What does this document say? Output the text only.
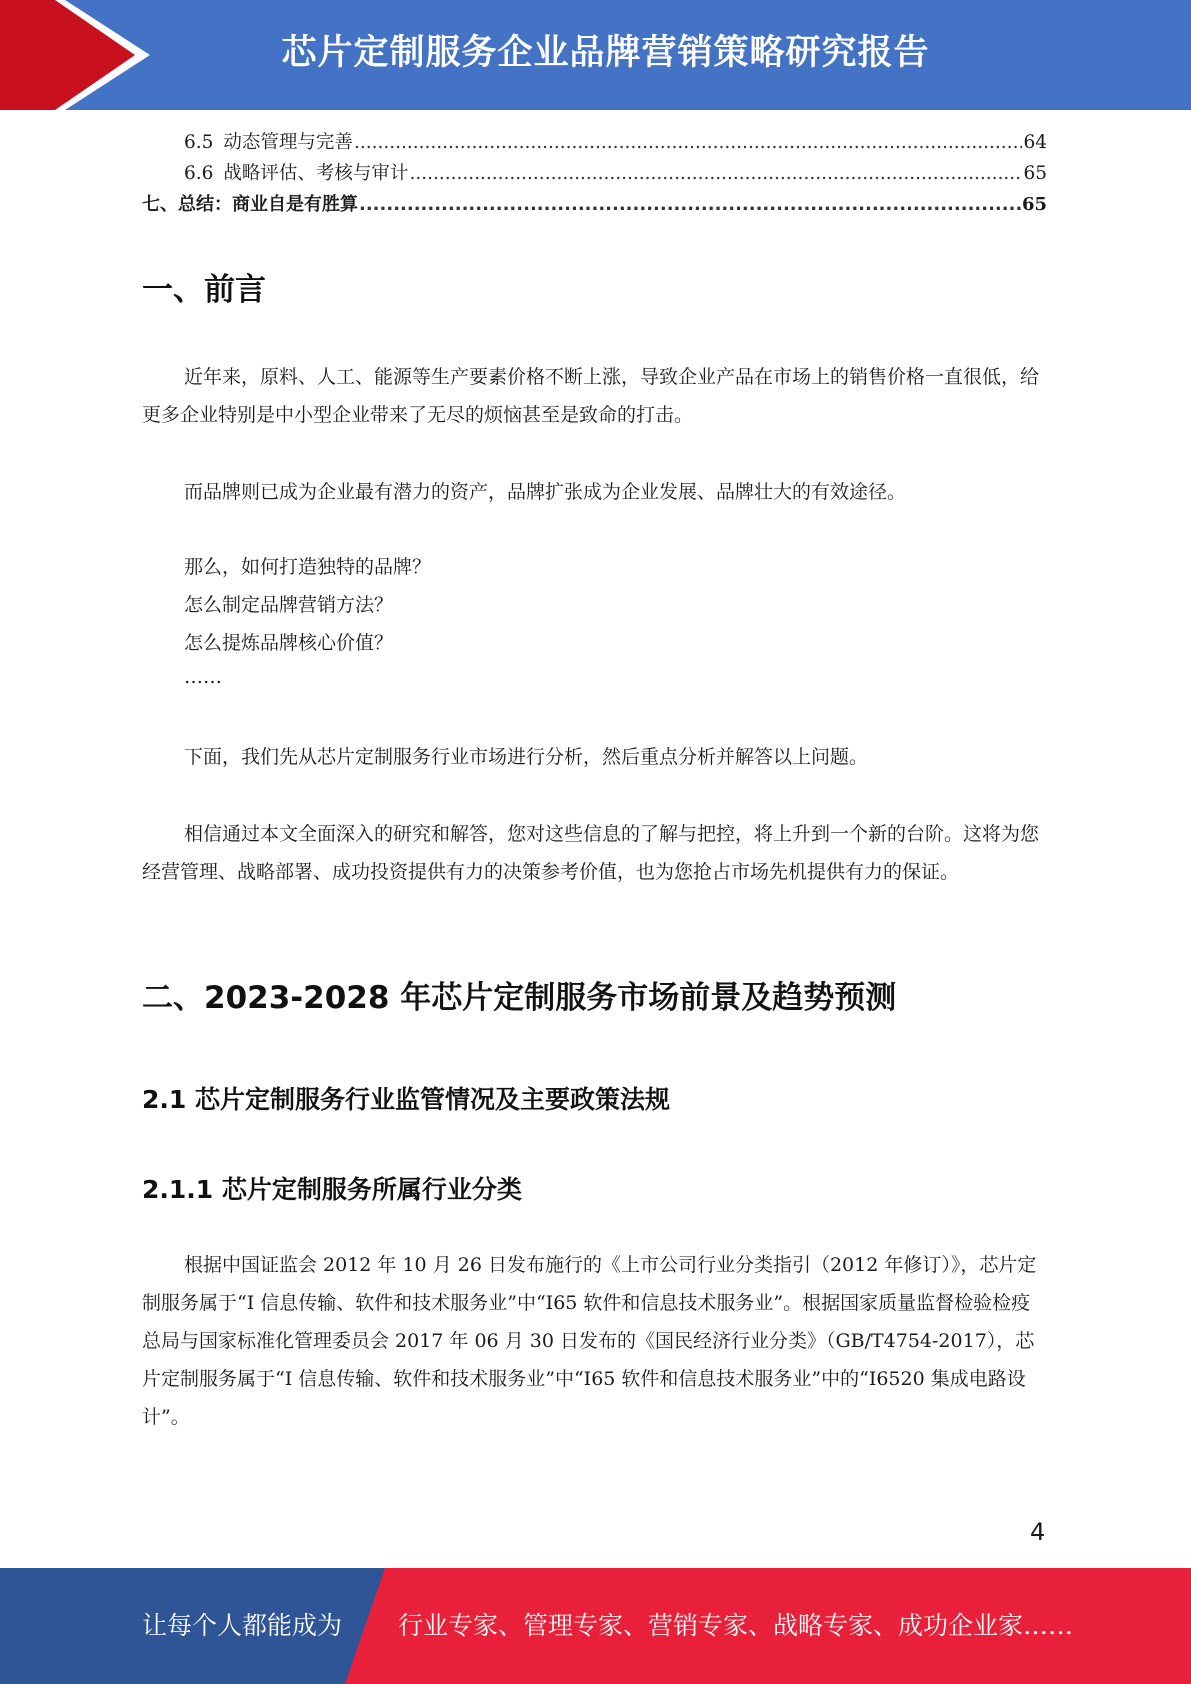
芯片定制服务企业品牌营销策略研究报告
6.5 动态管理与完善 .....	64
6.6 战略评估、考核与审计 .....	65
七、总结：商业自是有胜算 .....	65
一、前言

近年来，原料、人工、能源等生产要素价格不断上涨，导致企业产品在市场上的销售价格一直很低，给更多企业特别是中小型企业带来了无尽的烦恼甚至是致命的打击。

而品牌则已成为企业最有潜力的资产，品牌扩张成为企业发展、品牌壮大的有效途径。

那么，如何打造独特的品牌？
怎么制定品牌营销方法？
怎么提炼品牌核心价值？
……

下面，我们先从芯片定制服务行业市场进行分析，然后重点分析并解答以上问题。

相信通过本文全面深入的研究和解答，您对这些信息的了解与把控，将上升到一个新的台阶。这将为您经营管理、战略部署、成功投资提供有力的决策参考价值，也为您抢占市场先机提供有力的保证。

二、2023-2028 年芯片定制服务市场前景及趋势预测
2.1 芯片定制服务行业监管情况及主要政策法规
2.1.1 芯片定制服务所属行业分类

根据中国证监会 2012 年 10 月 26 日发布施行的《上市公司行业分类指引（2012 年修订）》，芯片定制服务属于“I 信息传输、软件和技术服务业”中“I65 软件和信息技术服务业”。根据国家质量监督检验检疫总局与国家标准化管理委员会 2017 年 06 月 30 日发布的《国民经济行业分类》（GB/T4754-2017），芯片定制服务属于“I 信息传输、软件和技术服务业”中“I65 软件和信息技术服务业”中的“I6520 集成电路设计”。

4
让每个人都能成为 行业专家、管理专家、营销专家、战略专家、成功企业家……
